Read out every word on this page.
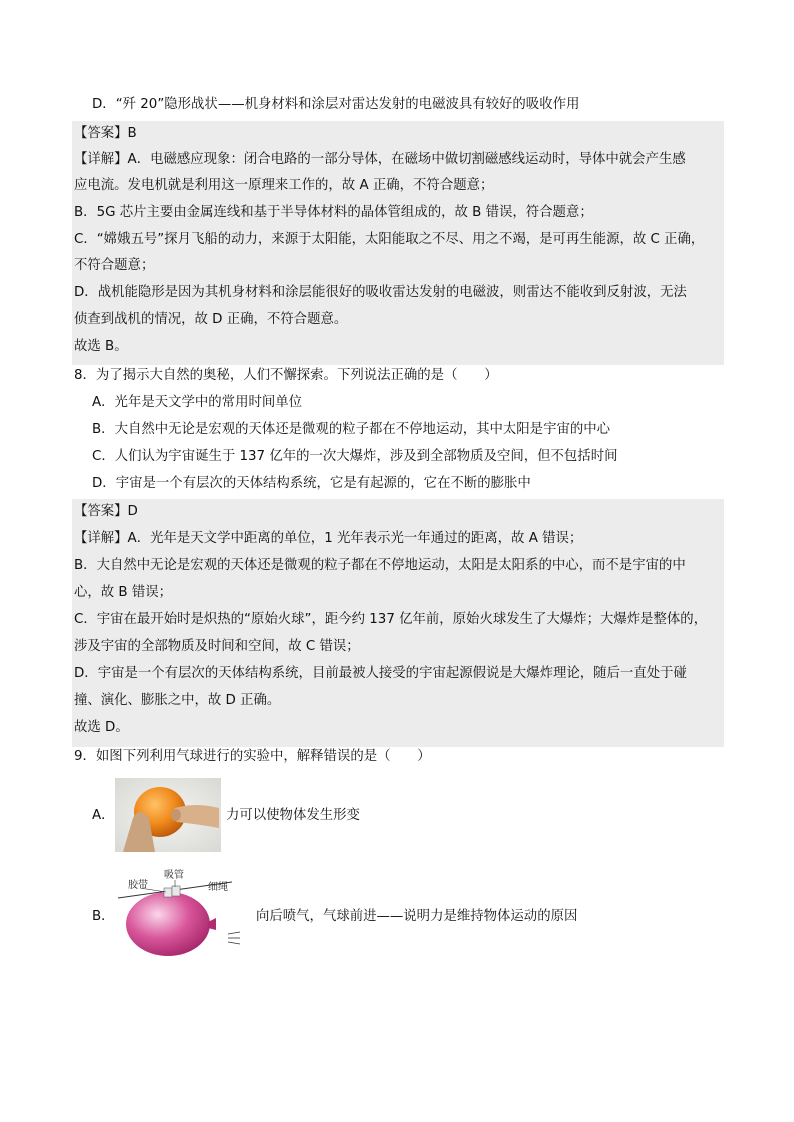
D．“歼 20”隐形战状——机身材料和涂层对雷达发射的电磁波具有较好的吸收作用
【答案】B
【详解】A．电磁感应现象：闭合电路的一部分导体，在磁场中做切割磁感线运动时，导体中就会产生感
应电流。发电机就是利用这一原理来工作的，故 A 正确，不符合题意；
B．5G 芯片主要由金属连线和基于半导体材料的晶体管组成的，故 B 错误，符合题意；
C．“嫦娥五号”探月飞船的动力，来源于太阳能，太阳能取之不尽、用之不竭，是可再生能源，故 C 正确，
不符合题意；
D．战机能隐形是因为其机身材料和涂层能很好的吸收雷达发射的电磁波，则雷达不能收到反射波，无法
侦查到战机的情况，故 D 正确，不符合题意。
故选 B。
8．为了揭示大自然的奥秘，人们不懈探索。下列说法正确的是（　　）
A．光年是天文学中的常用时间单位
B．大自然中无论是宏观的天体还是微观的粒子都在不停地运动，其中太阳是宇宙的中心
C．人们认为宇宙诞生于 137 亿年的一次大爆炸，涉及到全部物质及空间，但不包括时间
D．宇宙是一个有层次的天体结构系统，它是有起源的，它在不断的膨胀中
【答案】D
【详解】A．光年是天文学中距离的单位，1 光年表示光一年通过的距离，故 A 错误；
B．大自然中无论是宏观的天体还是微观的粒子都在不停地运动，太阳是太阳系的中心，而不是宇宙的中
心，故 B 错误；
C．宇宙在最开始时是炽热的“原始火球”，距今约 137 亿年前，原始火球发生了大爆炸；大爆炸是整体的，
涉及宇宙的全部物质及时间和空间，故 C 错误；
D．宇宙是一个有层次的天体结构系统，目前最被人接受的宇宙起源假说是大爆炸理论，随后一直处于碰
撞、演化、膨胀之中，故 D 正确。
故选 D。
9．如图下列利用气球进行的实验中，解释错误的是（　　）
A．	力可以使物体发生形变
B．
胶带
吸管
细绳
向后喷气，气球前进——说明力是维持物体运动的原因
